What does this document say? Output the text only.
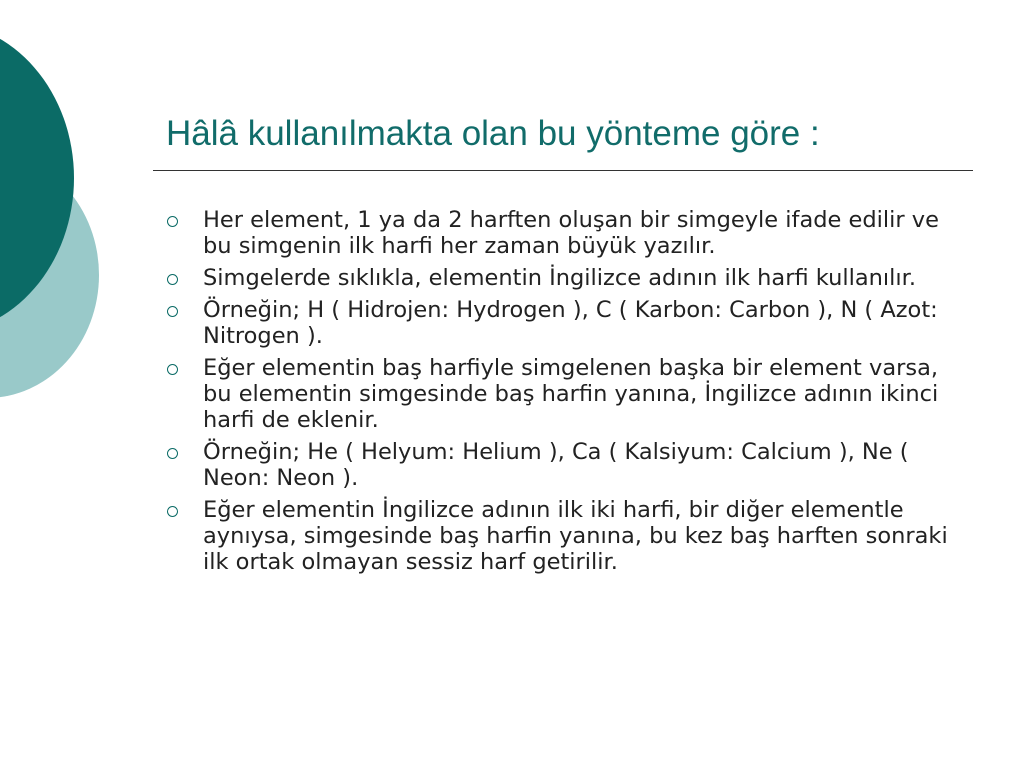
Hâlâ kullanılmakta olan bu yönteme göre :
Her element, 1 ya da 2 harften oluşan bir simgeyle ifade edilir ve bu simgenin ilk harfi her zaman büyük yazılır.
Simgelerde sıklıkla, elementin İngilizce adının ilk harfi kullanılır.
Örneğin; H ( Hidrojen: Hydrogen ), C ( Karbon: Carbon ), N ( Azot: Nitrogen ).
Eğer elementin baş harfiyle simgelenen başka bir element varsa, bu elementin simgesinde baş harfin yanına, İngilizce adının ikinci harfi de eklenir.
Örneğin; He ( Helyum: Helium ), Ca ( Kalsiyum: Calcium ), Ne ( Neon: Neon ).
Eğer elementin İngilizce adının ilk iki harfi, bir diğer elementle aynıysa, simgesinde baş harfin yanına, bu kez baş harften sonraki ilk ortak olmayan sessiz harf getirilir.
